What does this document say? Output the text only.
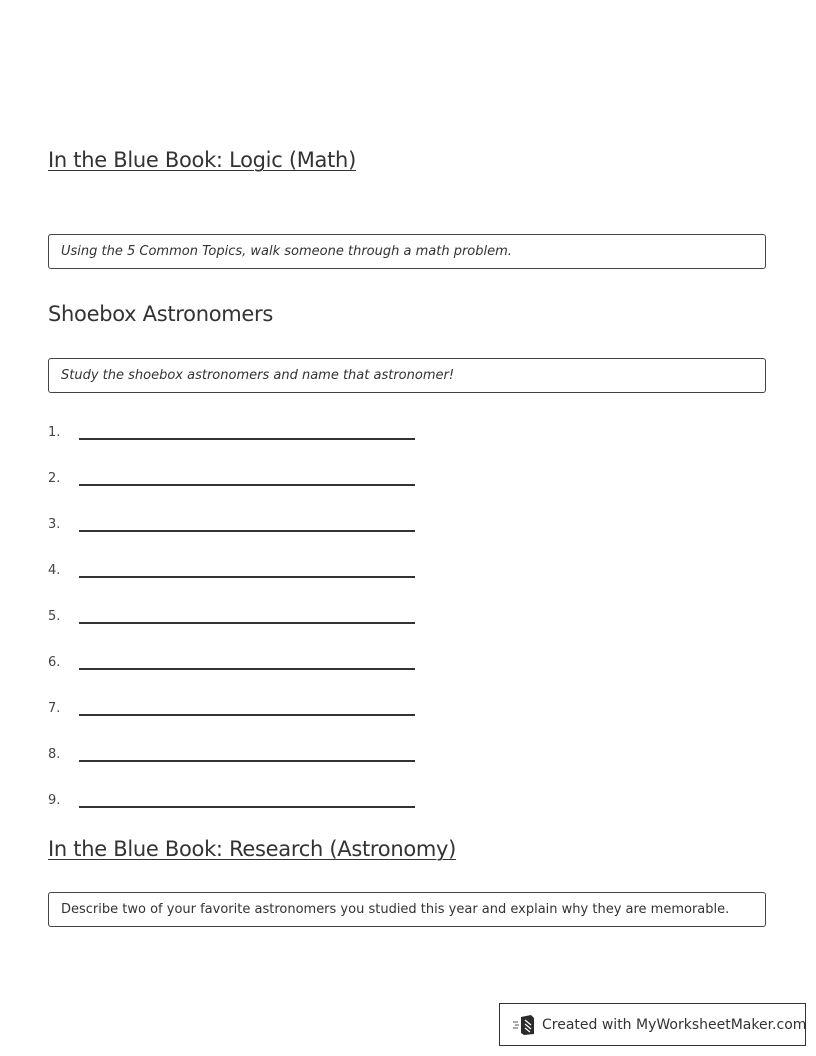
In the Blue Book: Logic (Math)
Using the 5 Common Topics, walk someone through a math problem.
Shoebox Astronomers
Study the shoebox astronomers and name that astronomer!
1.
2.
3.
4.
5.
6.
7.
8.
9.
In the Blue Book: Research (Astronomy)
Describe two of your favorite astronomers you studied this year and explain why they are memorable.
Created with MyWorksheetMaker.com
